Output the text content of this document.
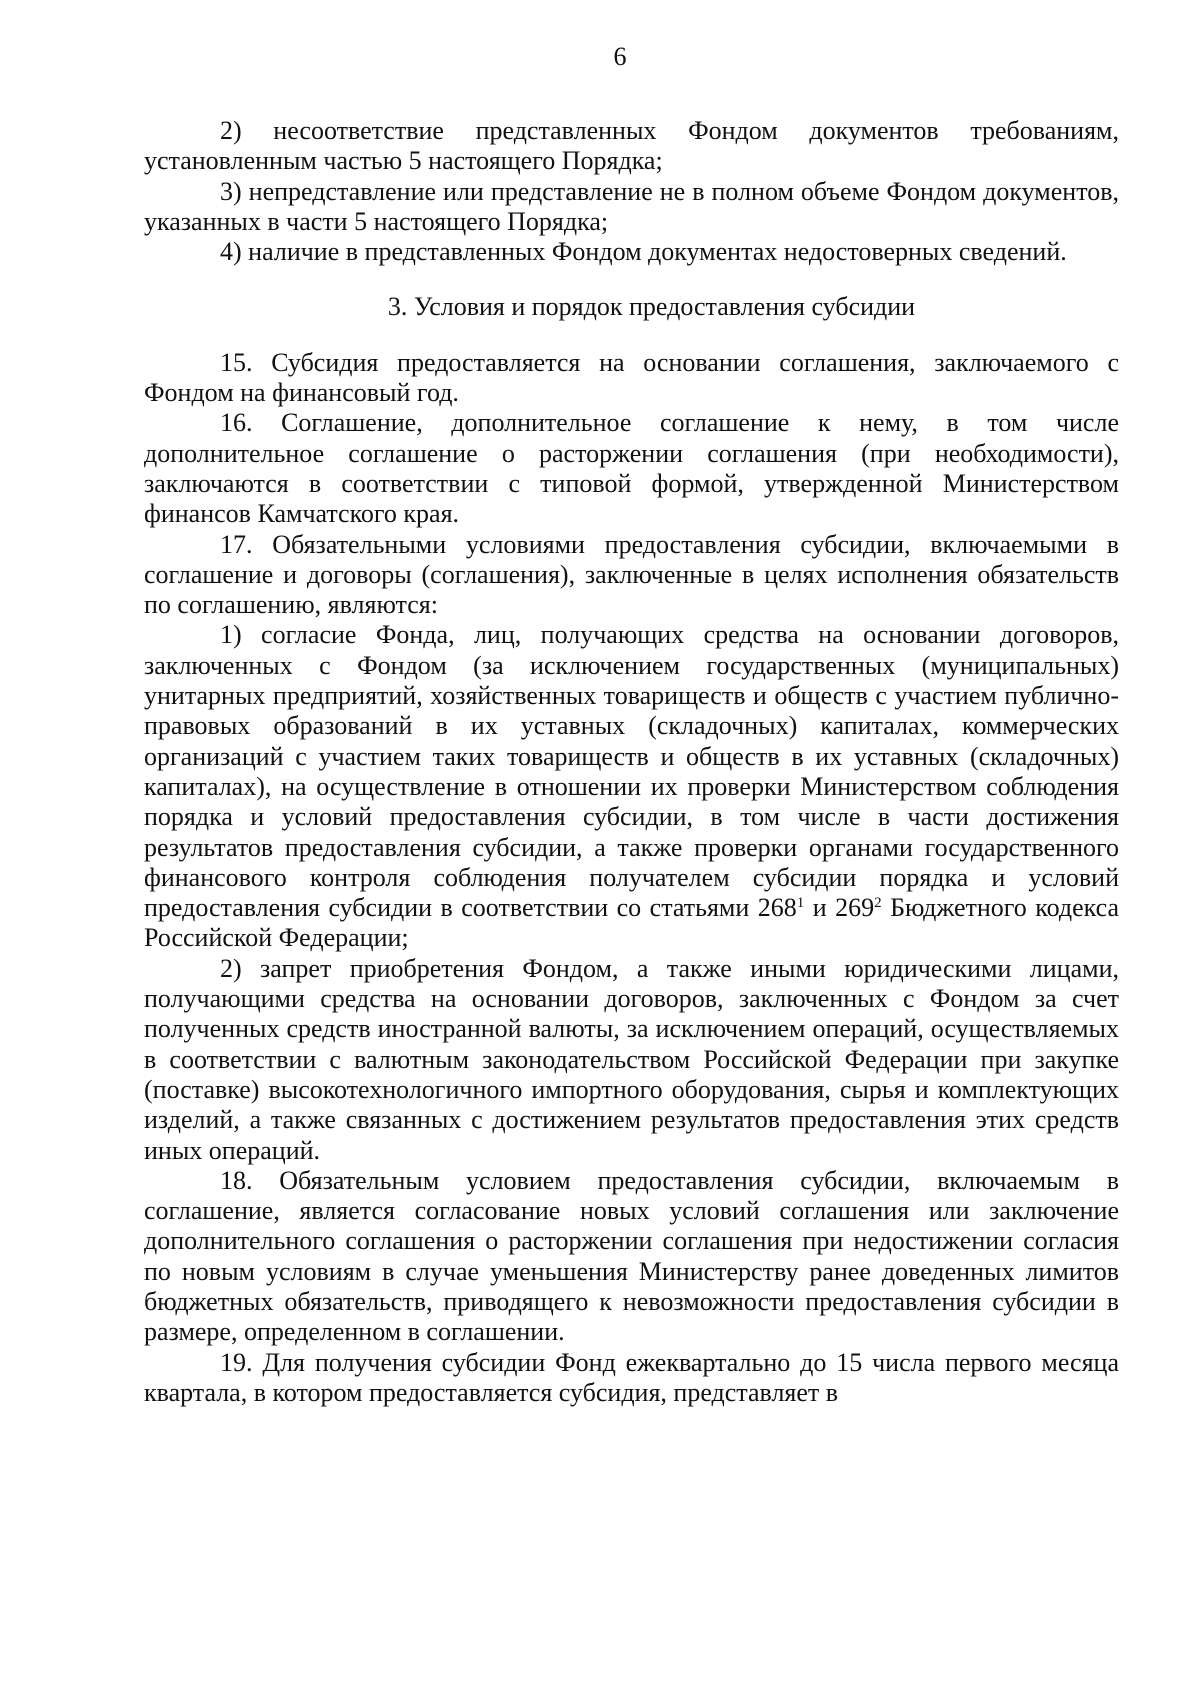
6

2) несоответствие представленных Фондом документов требованиям, установленным частью 5 настоящего Порядка;

3) непредставление или представление не в полном объеме Фондом документов, указанных в части 5 настоящего Порядка;

4) наличие в представленных Фондом документах недостоверных сведений.

3. Условия и порядок предоставления субсидии

15. Субсидия предоставляется на основании соглашения, заключаемого с Фондом на финансовый год.

16. Соглашение, дополнительное соглашение к нему, в том числе дополнительное соглашение о расторжении соглашения (при необходимости), заключаются в соответствии с типовой формой, утвержденной Министерством финансов Камчатского края.

17. Обязательными условиями предоставления субсидии, включаемыми в соглашение и договоры (соглашения), заключенные в целях исполнения обязательств по соглашению, являются:

1) согласие Фонда, лиц, получающих средства на основании договоров, заключенных с Фондом (за исключением государственных (муниципальных) унитарных предприятий, хозяйственных товариществ и обществ с участием публично-правовых образований в их уставных (складочных) капиталах, коммерческих организаций с участием таких товариществ и обществ в их уставных (складочных) капиталах), на осуществление в отношении их проверки Министерством соблюдения порядка и условий предоставления субсидии, в том числе в части достижения результатов предоставления субсидии, а также проверки органами государственного финансового контроля соблюдения получателем субсидии порядка и условий предоставления субсидии в соответствии со статьями $268^1$ и $269^2$ Бюджетного кодекса Российской Федерации;

2) запрет приобретения Фондом, а также иными юридическими лицами, получающими средства на основании договоров, заключенных с Фондом за счет полученных средств иностранной валюты, за исключением операций, осуществляемых в соответствии с валютным законодательством Российской Федерации при закупке (поставке) высокотехнологичного импортного оборудования, сырья и комплектующих изделий, а также связанных с достижением результатов предоставления этих средств иных операций.

18. Обязательным условием предоставления субсидии, включаемым в соглашение, является согласование новых условий соглашения или заключение дополнительного соглашения о расторжении соглашения при недостижении согласия по новым условиям в случае уменьшения Министерству ранее доведенных лимитов бюджетных обязательств, приводящего к невозможности предоставления субсидии в размере, определенном в соглашении.

19. Для получения субсидии Фонд ежеквартально до 15 числа первого месяца квартала, в котором предоставляется субсидия, представляет в
